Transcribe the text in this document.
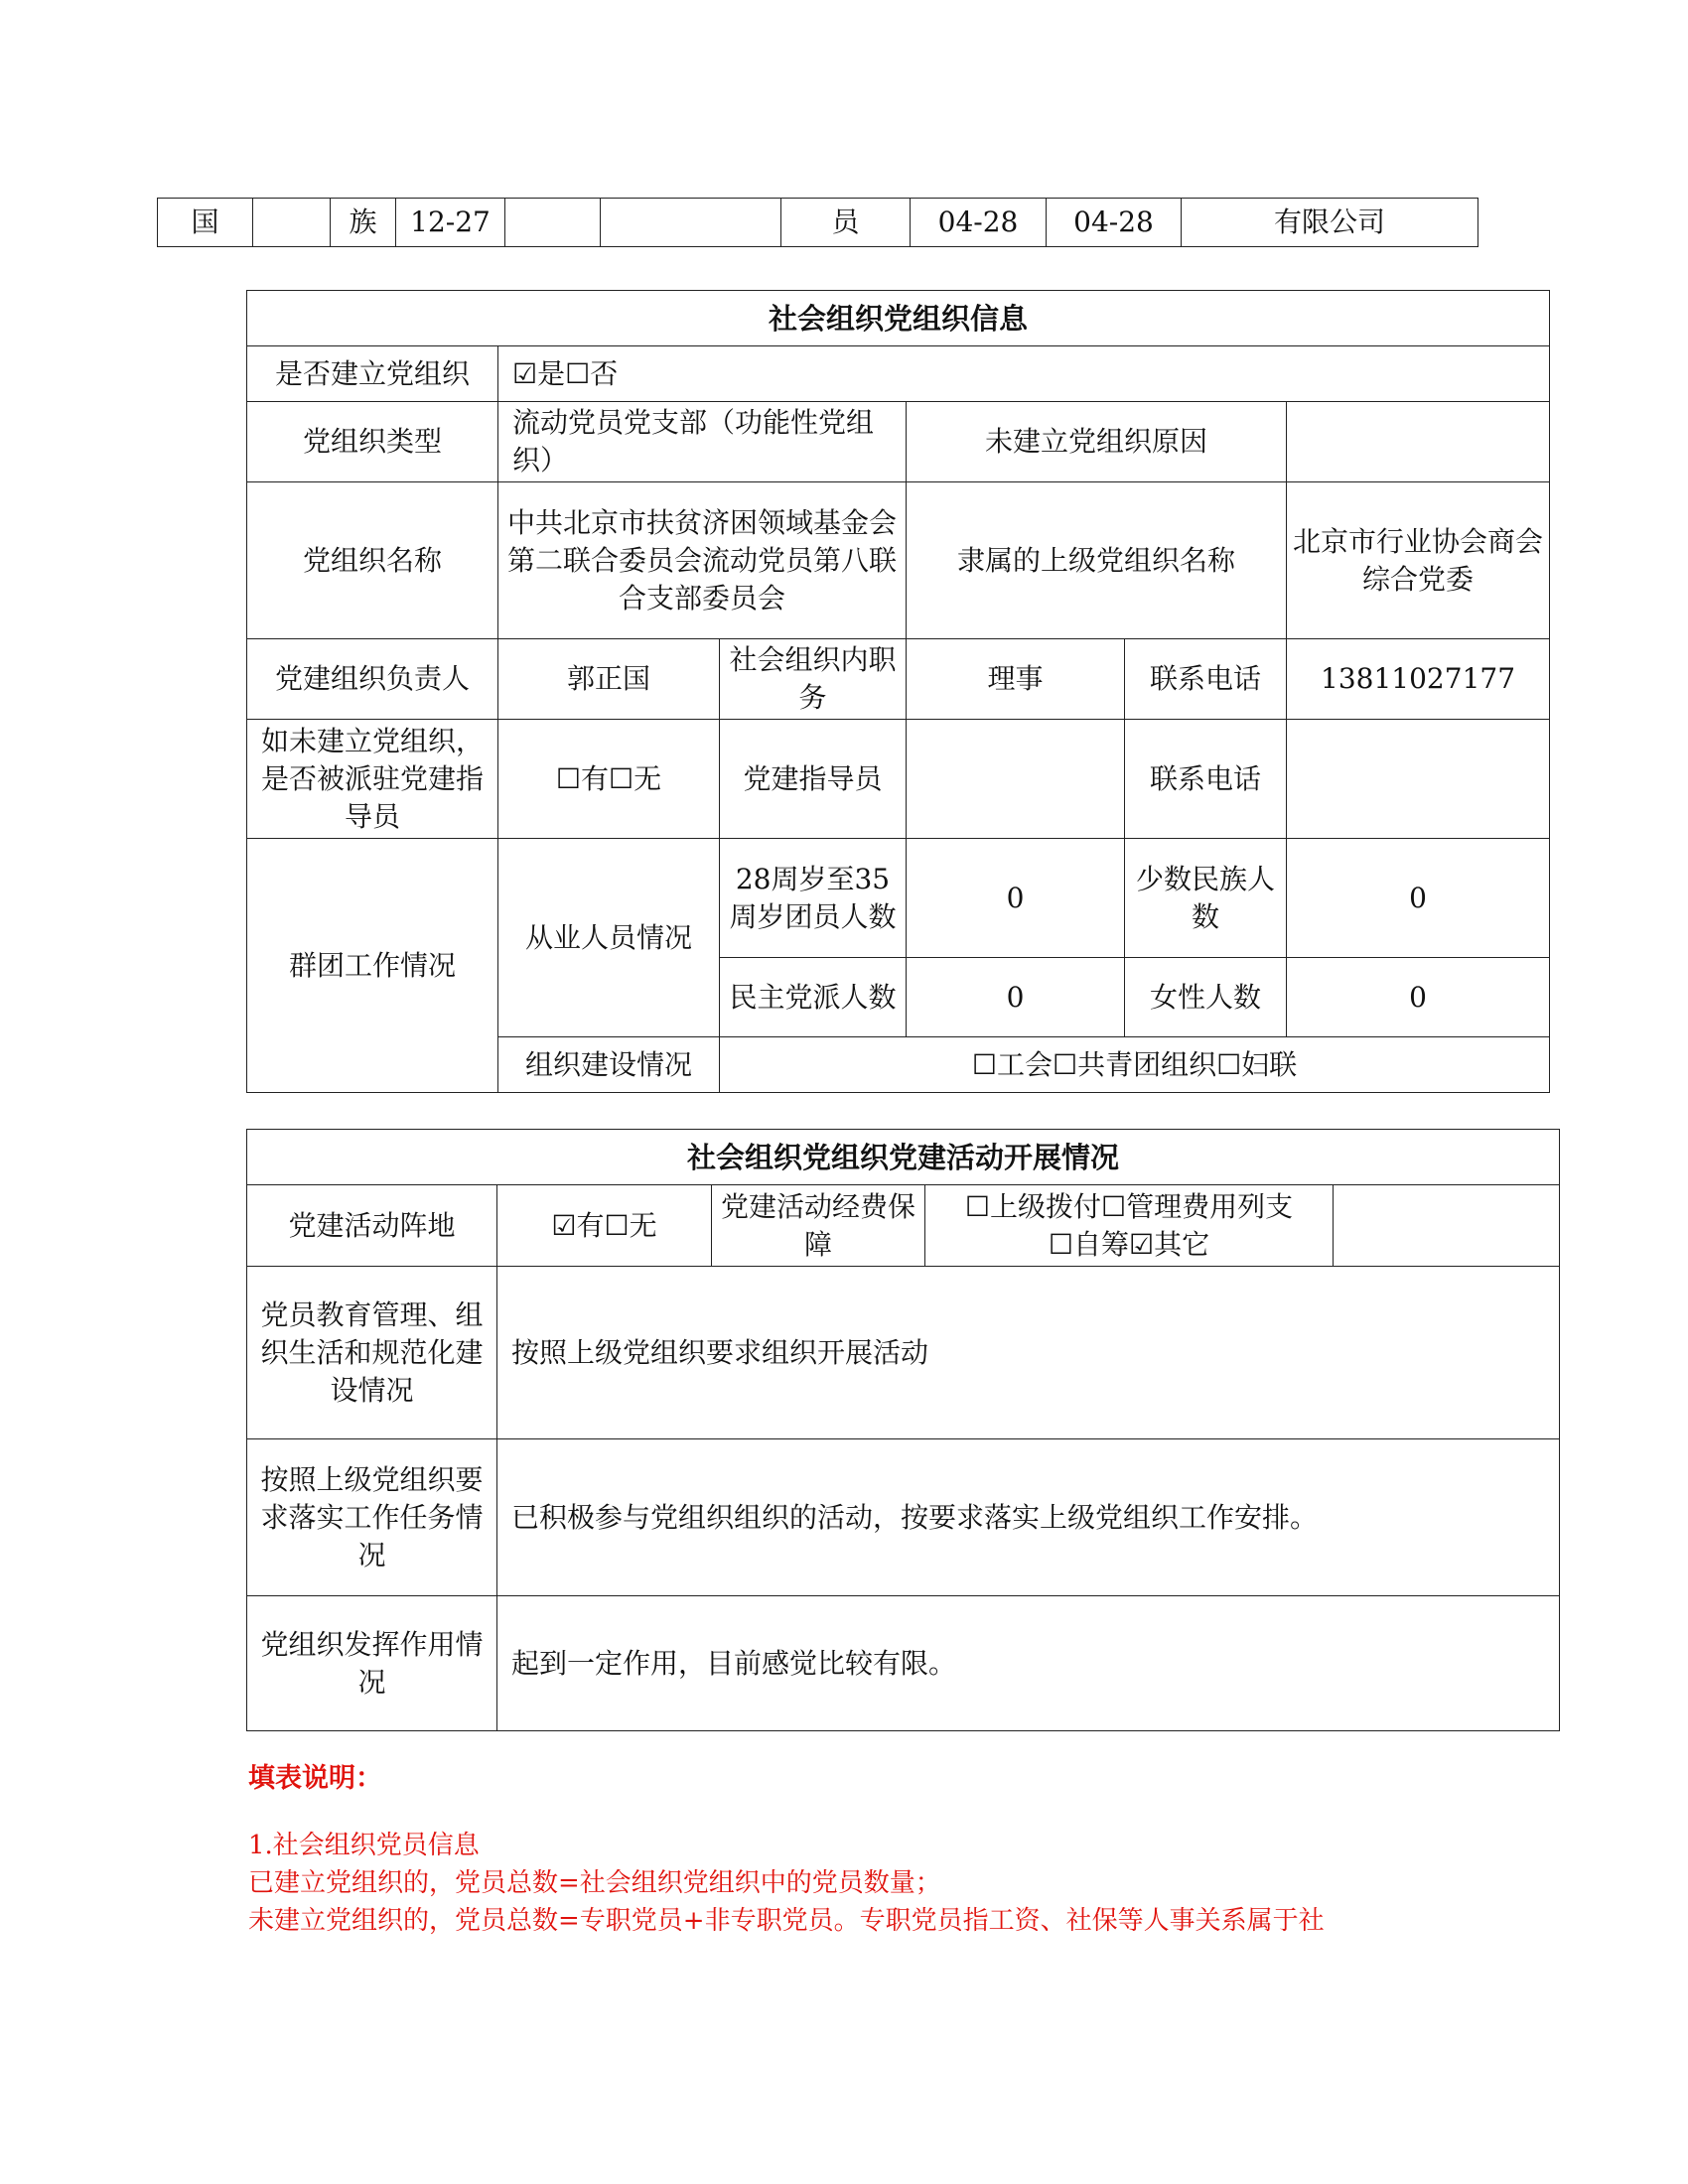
国		族	12-27			员	04-28	04-28	有限公司
社会组织党组织信息					
是否建立党组织	☑是☐否				
党组织类型	流动党员党支部（功能性党组织）		未建立党组织原因		
党组织名称	中共北京市扶贫济困领域基金会第二联合委员会流动党员第八联合支部委员会		隶属的上级党组织名称		北京市行业协会商会综合党委
党建组织负责人	郭正国	社会组织内职务	理事	联系电话	13811027177
如未建立党组织，是否被派驻党建指导员	☐有☐无	党建指导员		联系电话	
群团工作情况	从业人员情况	28周岁至35周岁团员人数	0	少数民族人数	0
		民主党派人数	0	女性人数	0
	组织建设情况	☐工会☐共青团组织☐妇联			
社会组织党组织党建活动开展情况				
党建活动阵地	☑有☐无	党建活动经费保障	☐上级拨付☐管理费用列支
☐自筹☑其它	

党员教育管理、组织生活和规范化建设情况	按照上级党组织要求组织开展活动			
按照上级党组织要求落实工作任务情况	已积极参与党组织组织的活动，按要求落实上级党组织工作安排。			
党组织发挥作用情况	起到一定作用，目前感觉比较有限。			
填表说明：
1.社会组织党员信息
已建立党组织的，党员总数=社会组织党组织中的党员数量；
未建立党组织的，党员总数=专职党员+非专职党员。专职党员指工资、社保等人事关系属于社
